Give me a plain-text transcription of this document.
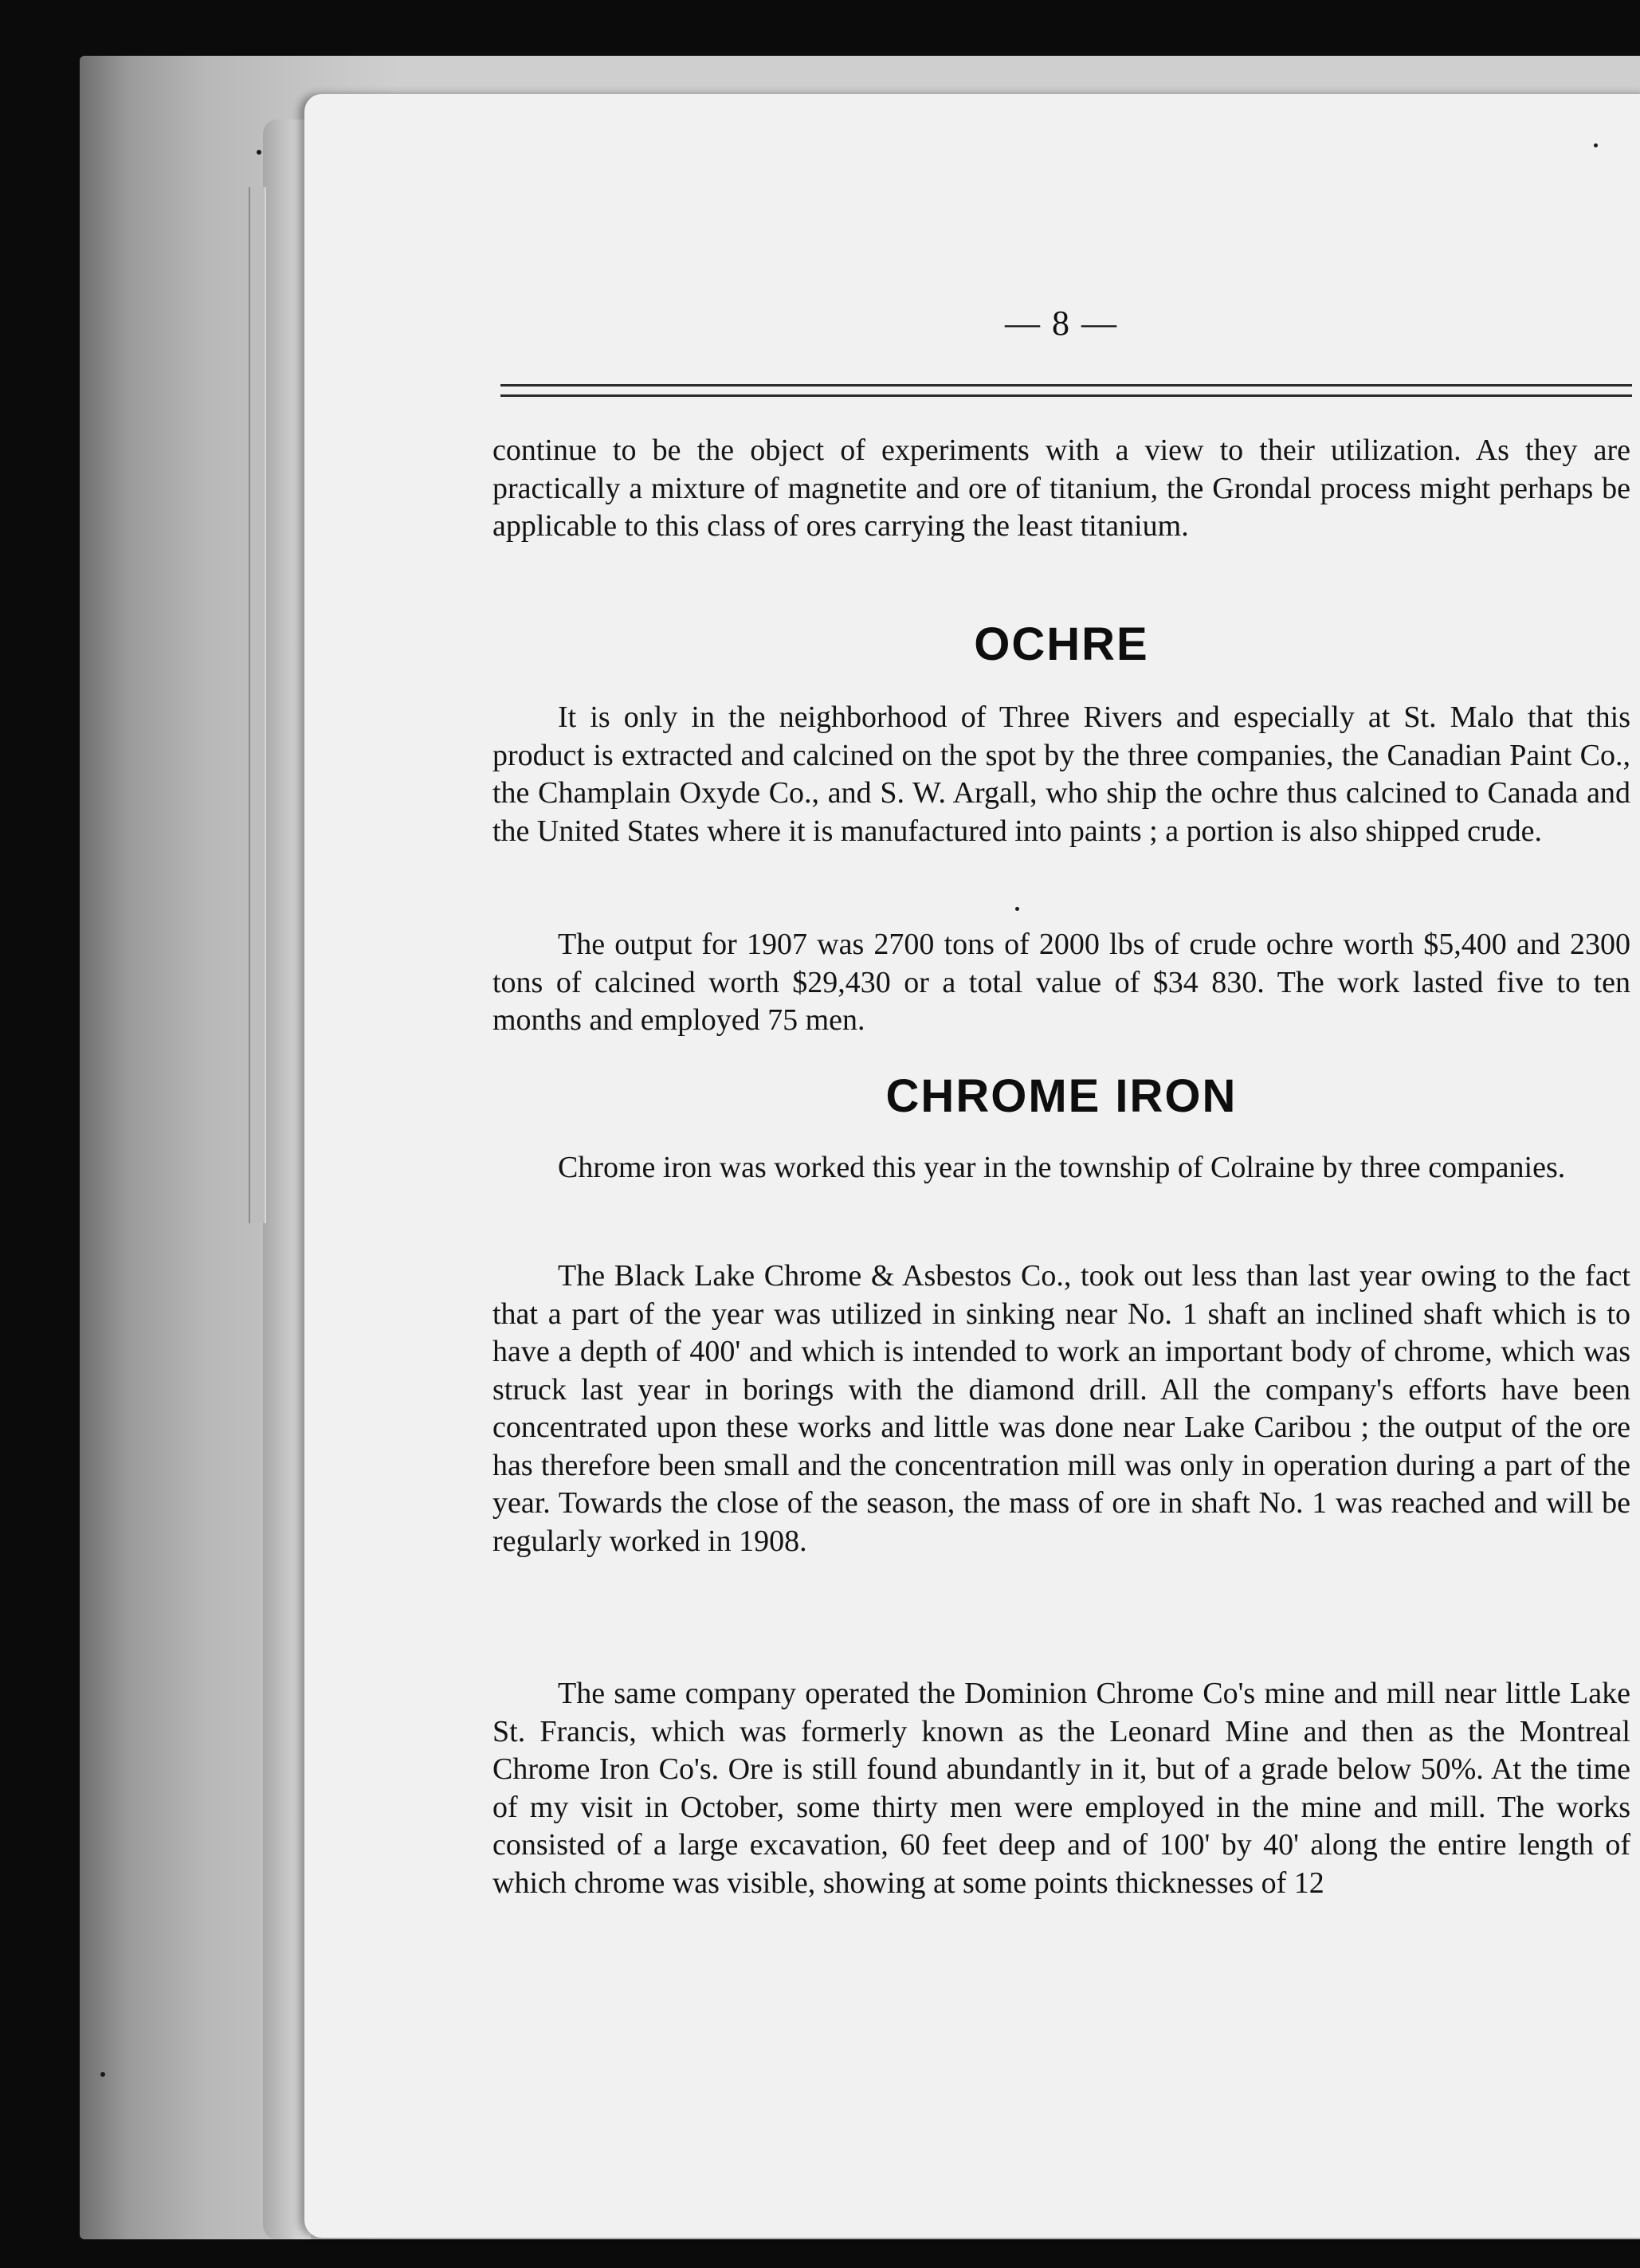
— 8 —
continue to be the object of experiments with a view to their utilization. As they are practically a mixture of magnetite and ore of titanium, the Grondal process might perhaps be applicable to this class of ores carrying the least titanium.
OCHRE
It is only in the neighborhood of Three Rivers and especially at St. Malo that this product is extracted and calcined on the spot by the three companies, the Canadian Paint Co., the Champlain Oxyde Co., and S. W. Argall, who ship the ochre thus calcined to Canada and the United States where it is manufactured into paints ; a portion is also shipped crude.
The output for 1907 was 2700 tons of 2000 lbs of crude ochre worth $5,400 and 2300 tons of calcined worth $29,430 or a total value of $34 830. The work lasted five to ten months and employed 75 men.
CHROME IRON
Chrome iron was worked this year in the township of Colraine by three companies.
The Black Lake Chrome & Asbestos Co., took out less than last year owing to the fact that a part of the year was utilized in sinking near No. 1 shaft an inclined shaft which is to have a depth of 400' and which is intended to work an important body of chrome, which was struck last year in borings with the diamond drill. All the company's efforts have been concentrated upon these works and little was done near Lake Caribou ; the output of the ore has therefore been small and the concentration mill was only in operation during a part of the year. Towards the close of the season, the mass of ore in shaft No. 1 was reached and will be regularly worked in 1908.
The same company operated the Dominion Chrome Co's mine and mill near little Lake St. Francis, which was formerly known as the Leonard Mine and then as the Montreal Chrome Iron Co's. Ore is still found abundantly in it, but of a grade below 50%. At the time of my visit in October, some thirty men were employed in the mine and mill. The works consisted of a large excavation, 60 feet deep and of 100' by 40' along the entire length of which chrome was visible, showing at some points thicknesses of 12
